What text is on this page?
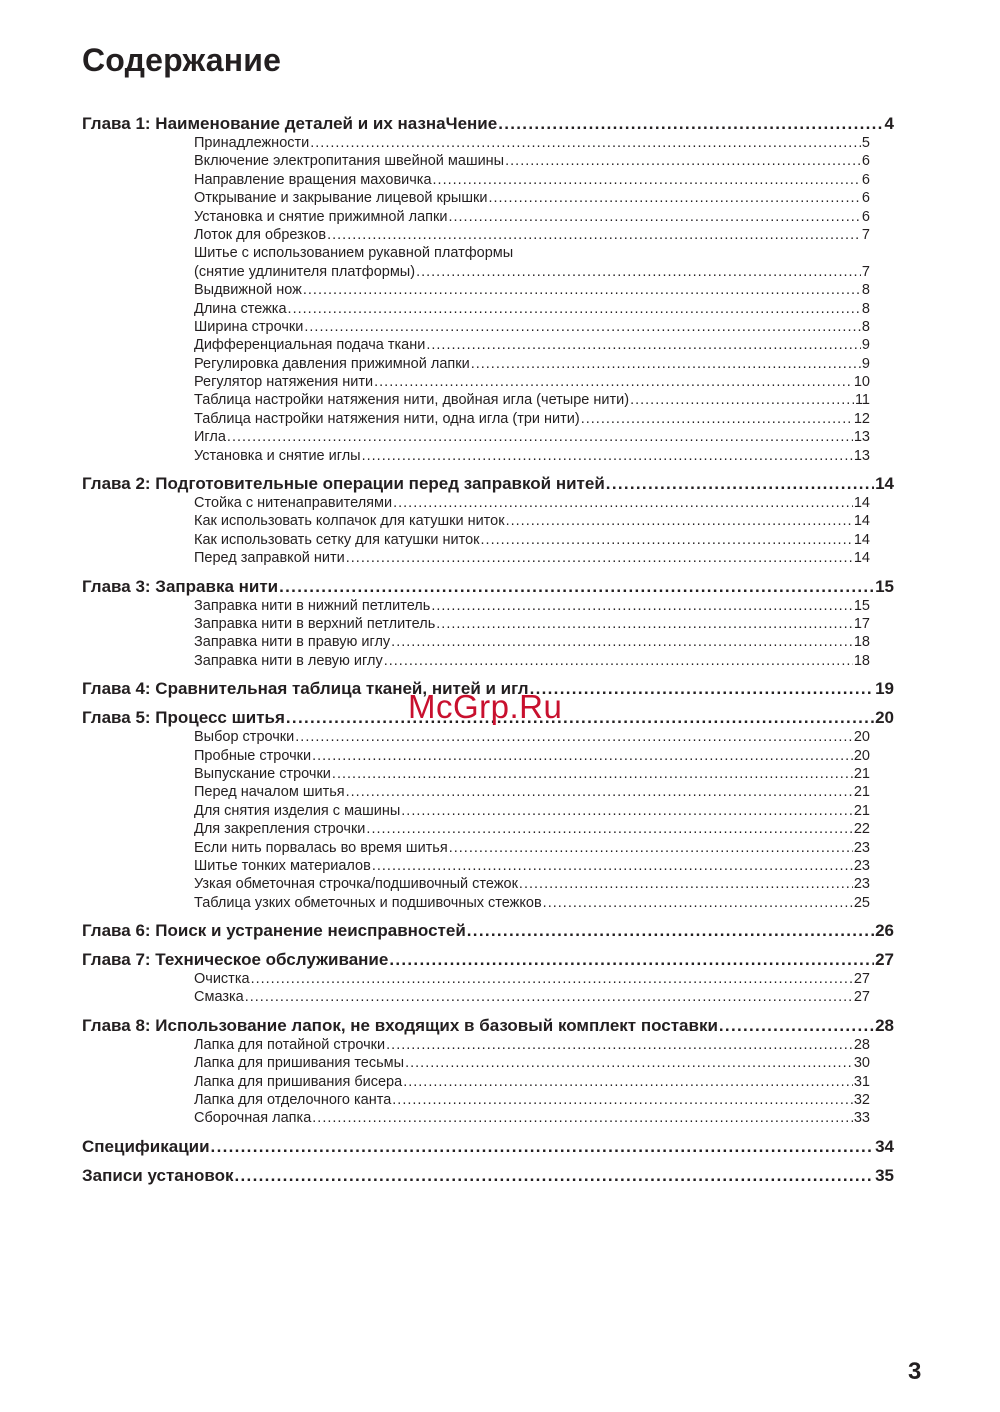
Содержание
Глава 1: Наименование деталей и их назнаЧение .....	4
Принадлежности .....	5
Включение электропитания швейной машины .....	6
Направление вращения маховичка .....	6
Открывание и закрывание лицевой крышки .....	6
Установка и снятие прижимной лапки .....	6
Лоток для обрезков .....	7
Шитье с использованием рукавной платформы
(снятие удлинителя платформы) .....	7
Выдвижной нож .....	8
Длина стежка .....	8
Ширина строчки .....	8
Дифференциальная подача ткани .....	9
Регулировка давления прижимной лапки .....	9
Регулятор натяжения нити .....	10
Таблица настройки натяжения нити, двойная игла (четыре нити) .....	11
Таблица настройки натяжения нити, одна игла (три нити) .....	12
Игла .....	13
Установка и снятие иглы .....	13
Глава 2: Подготовительные операции перед заправкой нитей .....	14
Стойка с нитенаправителями .....	14
Как использовать колпачок для катушки ниток .....	14
Как использовать сетку для катушки ниток .....	14
Перед заправкой нити .....	14
Глава 3: Заправка нити .....	15
Заправка нити в нижний петлитель .....	15
Заправка нити в верхний петлитель .....	17
Заправка нити в правую иглу .....	18
Заправка нити в левую иглу .....	18
Глава 4: Сравнительная таблица тканей, нитей и игл .....	19
Глава 5: Процесс шитья .....	20
Выбор строчки .....	20
Пробные строчки .....	20
Выпускание строчки .....	21
Перед началом шитья .....	21
Для снятия изделия с машины .....	21
Для закрепления строчки .....	22
Если нить порвалась во время шитья .....	23
Шитье тонких материалов .....	23
Узкая обметочная строчка/подшивочный стежок .....	23
Таблица узких обметочных и подшивочных стежков .....	25
Глава 6: Поиск и устранение неисправностей .....	26
Глава 7: Техническое обслуживание .....	27
Очистка .....	27
Смазка .....	27
Глава 8: Использование лапок, не входящих в базовый комплект поставки .....	28
Лапка для потайной строчки .....	28
Лапка для пришивания тесьмы .....	30
Лапка для пришивания бисера .....	31
Лапка для отделочного канта .....	32
Сборочная лапка .....	33
Спецификации .....	34
Записи установок .....	35
McGrp.Ru
3
